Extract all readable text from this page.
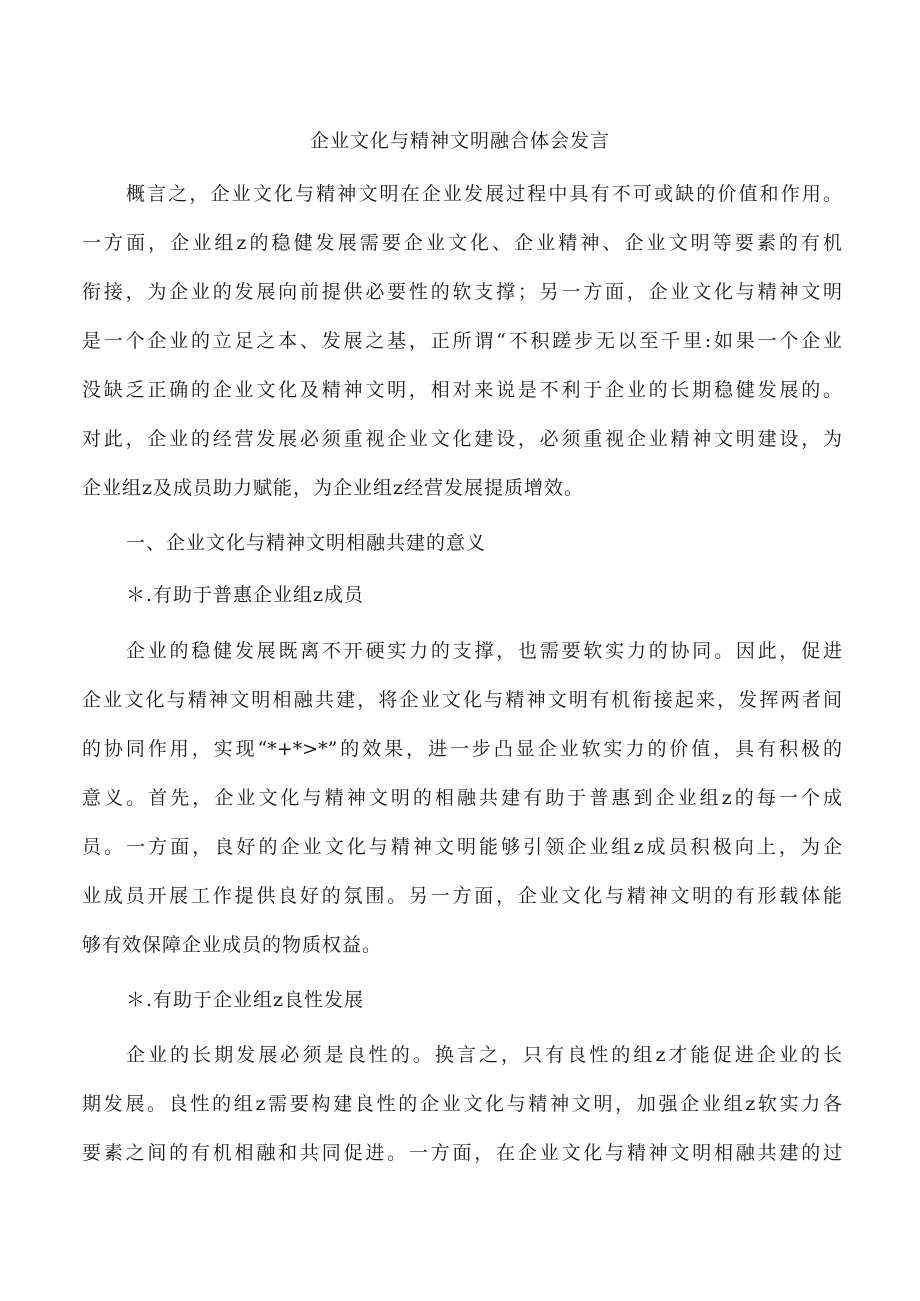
企业文化与精神文明融合体会发言

概言之，企业文化与精神文明在企业发展过程中具有不可或缺的价值和作用。

一方面，企业组z的稳健发展需要企业文化、企业精神、企业文明等要素的有机

衔接，为企业的发展向前提供必要性的软支撑；另一方面，企业文化与精神文明

是一个企业的立足之本、发展之基，正所谓“不积蹉步无以至千里:如果一个企业

没缺乏正确的企业文化及精神文明，相对来说是不利于企业的长期稳健发展的。

对此，企业的经营发展必须重视企业文化建设，必须重视企业精神文明建设，为

企业组z及成员助力赋能，为企业组z经营发展提质增效。

一、企业文化与精神文明相融共建的意义

＊.有助于普惠企业组z成员

企业的稳健发展既离不开硬实力的支撑，也需要软实力的协同。因此，促进

企业文化与精神文明相融共建，将企业文化与精神文明有机衔接起来，发挥两者间

的协同作用，实现“*+*>*”的效果，进一步凸显企业软实力的价值，具有积极的

意义。首先，企业文化与精神文明的相融共建有助于普惠到企业组z的每一个成

员。一方面，良好的企业文化与精神文明能够引领企业组z成员积极向上，为企

业成员开展工作提供良好的氛围。另一方面，企业文化与精神文明的有形载体能

够有效保障企业成员的物质权益。

＊.有助于企业组z良性发展

企业的长期发展必须是良性的。换言之，只有良性的组z才能促进企业的长

期发展。良性的组z需要构建良性的企业文化与精神文明，加强企业组z软实力各

要素之间的有机相融和共同促进。一方面，在企业文化与精神文明相融共建的过
